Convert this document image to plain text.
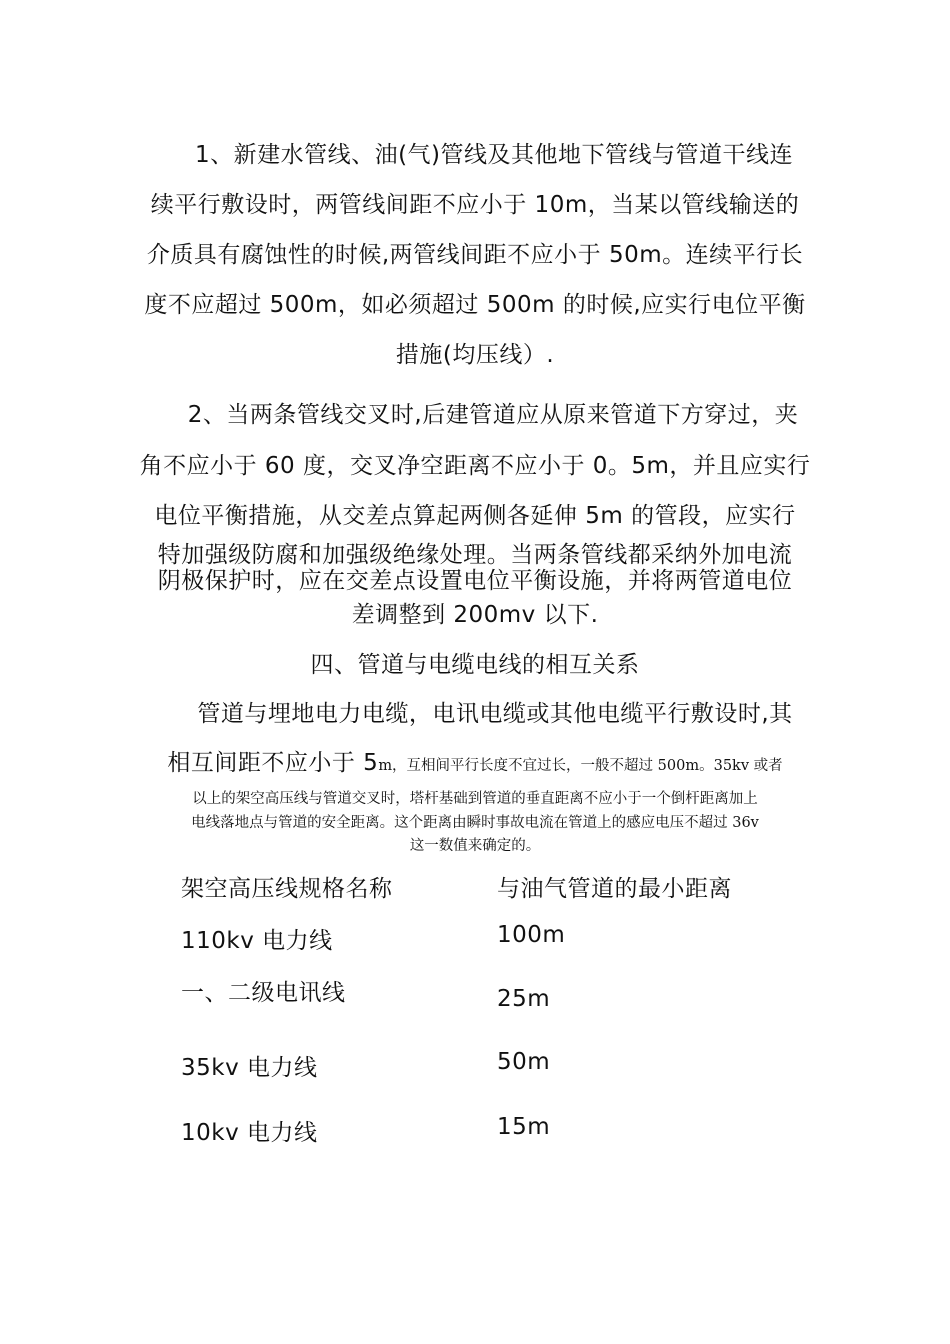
1、新建水管线、油(气)管线及其他地下管线与管道干线连
续平行敷设时，两管线间距不应小于 10m，当某以管线输送的
介质具有腐蚀性的时候,两管线间距不应小于 50m。连续平行长
度不应超过 500m，如必须超过 500m 的时候,应实行电位平衡
措施(均压线）.
2、当两条管线交叉时,后建管道应从原来管道下方穿过，夹
角不应小于 60 度，交叉净空距离不应小于 0。5m，并且应实行
电位平衡措施，从交差点算起两侧各延伸 5m 的管段，应实行
特加强级防腐和加强级绝缘处理。当两条管线都采纳外加电流
阴极保护时，应在交差点设置电位平衡设施，并将两管道电位
差调整到 200mv 以下.
四、管道与电缆电线的相互关系
管道与埋地电力电缆，电讯电缆或其他电缆平行敷设时,其
相互间距不应小于 5m，互相间平行长度不宜过长，一般不超过 500m。35kv 或者
以上的架空高压线与管道交叉时，塔杆基础到管道的垂直距离不应小于一个倒杆距离加上
电线落地点与管道的安全距离。这个距离由瞬时事故电流在管道上的感应电压不超过 36v
这一数值来确定的。
架空高压线规格名称	与油气管道的最小距离
110kv 电力线	100m
一、二级电讯线	25m
35kv 电力线	50m
10kv 电力线	15m
